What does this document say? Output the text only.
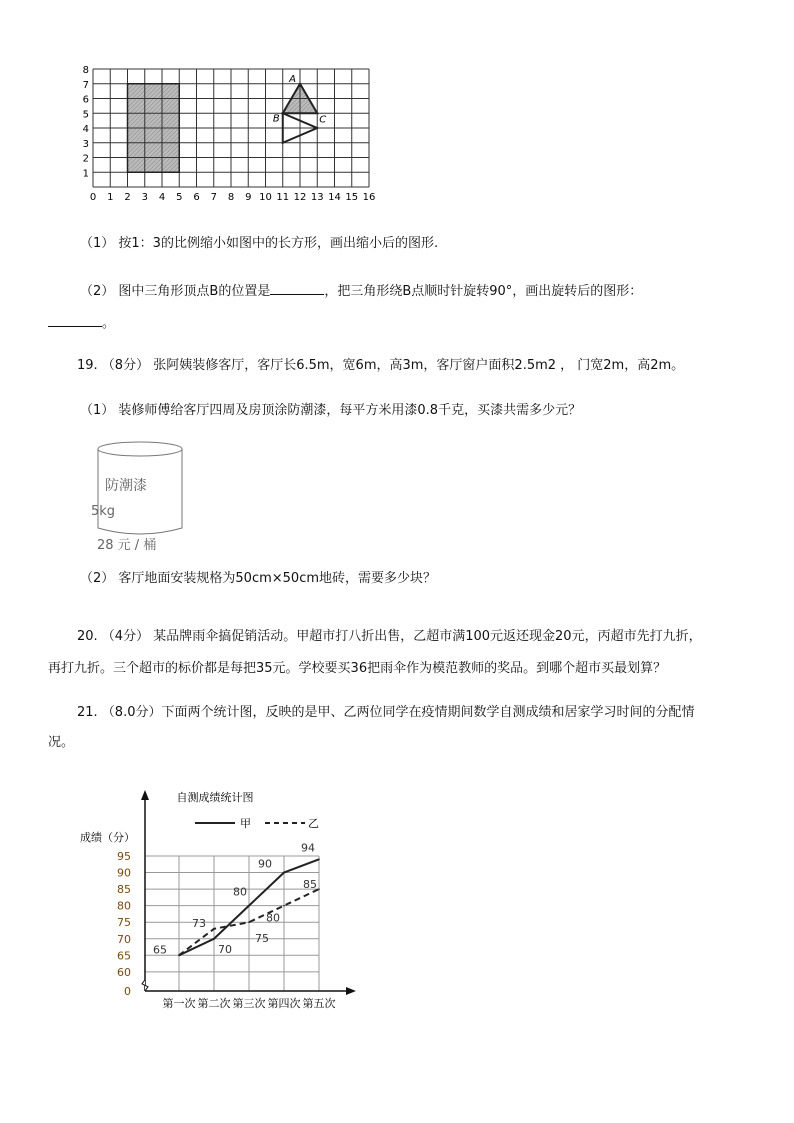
0 1 2 3 4 5 6 7 8 9 10 11 12 13 14 15 16
1
2
3
4
5
6
7
8
A
B	C
（1） 按1：3的比例缩小如图中的长方形，画出缩小后的图形.
（2） 图中三角形顶点B的位置是	，把三角形绕B点顺时针旋转90°，画出旋转后的图形：
。
19. （8分） 张阿姨装修客厅，客厅长6.5m，宽6m，高3m，客厅窗户面积2.5m2 ， 门宽2m，高2m。
（1） 装修师傅给客厅四周及房顶涂防潮漆，每平方米用漆0.8千克，买漆共需多少元？
防潮漆
5kg
28 元 / 桶
（2） 客厅地面安装规格为50cm×50cm地砖，需要多少块？
20. （4分） 某品牌雨伞搞促销活动。甲超市打八折出售，乙超市满100元返还现金20元，丙超市先打九折，
再打九折。三个超市的标价都是每把35元。学校要买36把雨伞作为模范教师的奖品。到哪个超市买最划算？
21. （8.0分）下面两个统计图，反映的是甲、乙两位同学在疫情期间数学自测成绩和居家学习时间的分配情
况。
95
90
85
80
75
70
65
60
0
第一次 第二次 第三次 第四次 第五次
自测成绩统计图
成绩（分）
甲	乙
65	70
80
90
94
73
75
80
85
